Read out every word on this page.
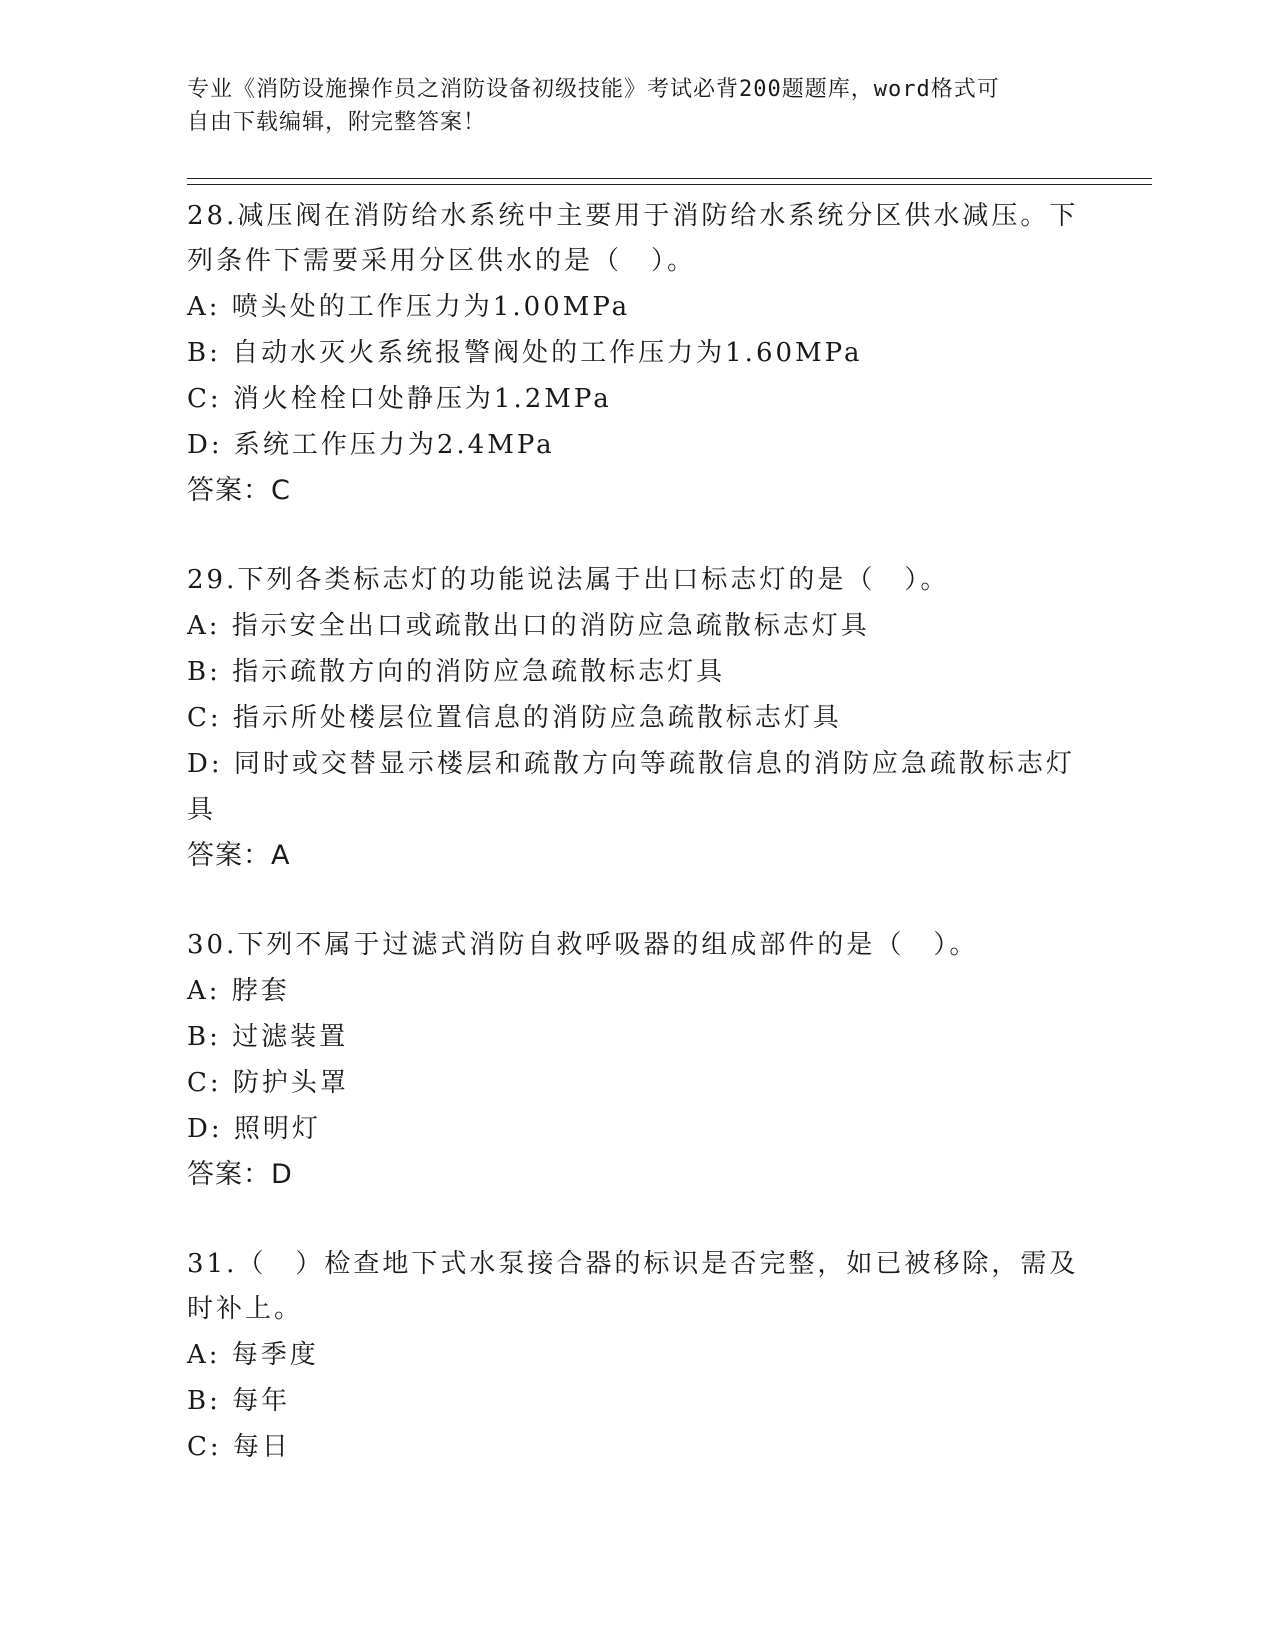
专业《消防设施操作员之消防设备初级技能》考试必背200题题库，word格式可
自由下载编辑，附完整答案！
28.减压阀在消防给水系统中主要用于消防给水系统分区供水减压。下
列条件下需要采用分区供水的是（　）。
A: 喷头处的工作压力为1.00MPa
B: 自动水灭火系统报警阀处的工作压力为1.60MPa
C: 消火栓栓口处静压为1.2MPa
D: 系统工作压力为2.4MPa
答案：C
29.下列各类标志灯的功能说法属于出口标志灯的是（　）。
A: 指示安全出口或疏散出口的消防应急疏散标志灯具
B: 指示疏散方向的消防应急疏散标志灯具
C: 指示所处楼层位置信息的消防应急疏散标志灯具
D: 同时或交替显示楼层和疏散方向等疏散信息的消防应急疏散标志灯
具
答案：A
30.下列不属于过滤式消防自救呼吸器的组成部件的是（　）。
A: 脖套
B: 过滤装置
C: 防护头罩
D: 照明灯
答案：D
31.（　）检查地下式水泵接合器的标识是否完整，如已被移除，需及
时补上。
A: 每季度
B: 每年
C: 每日
